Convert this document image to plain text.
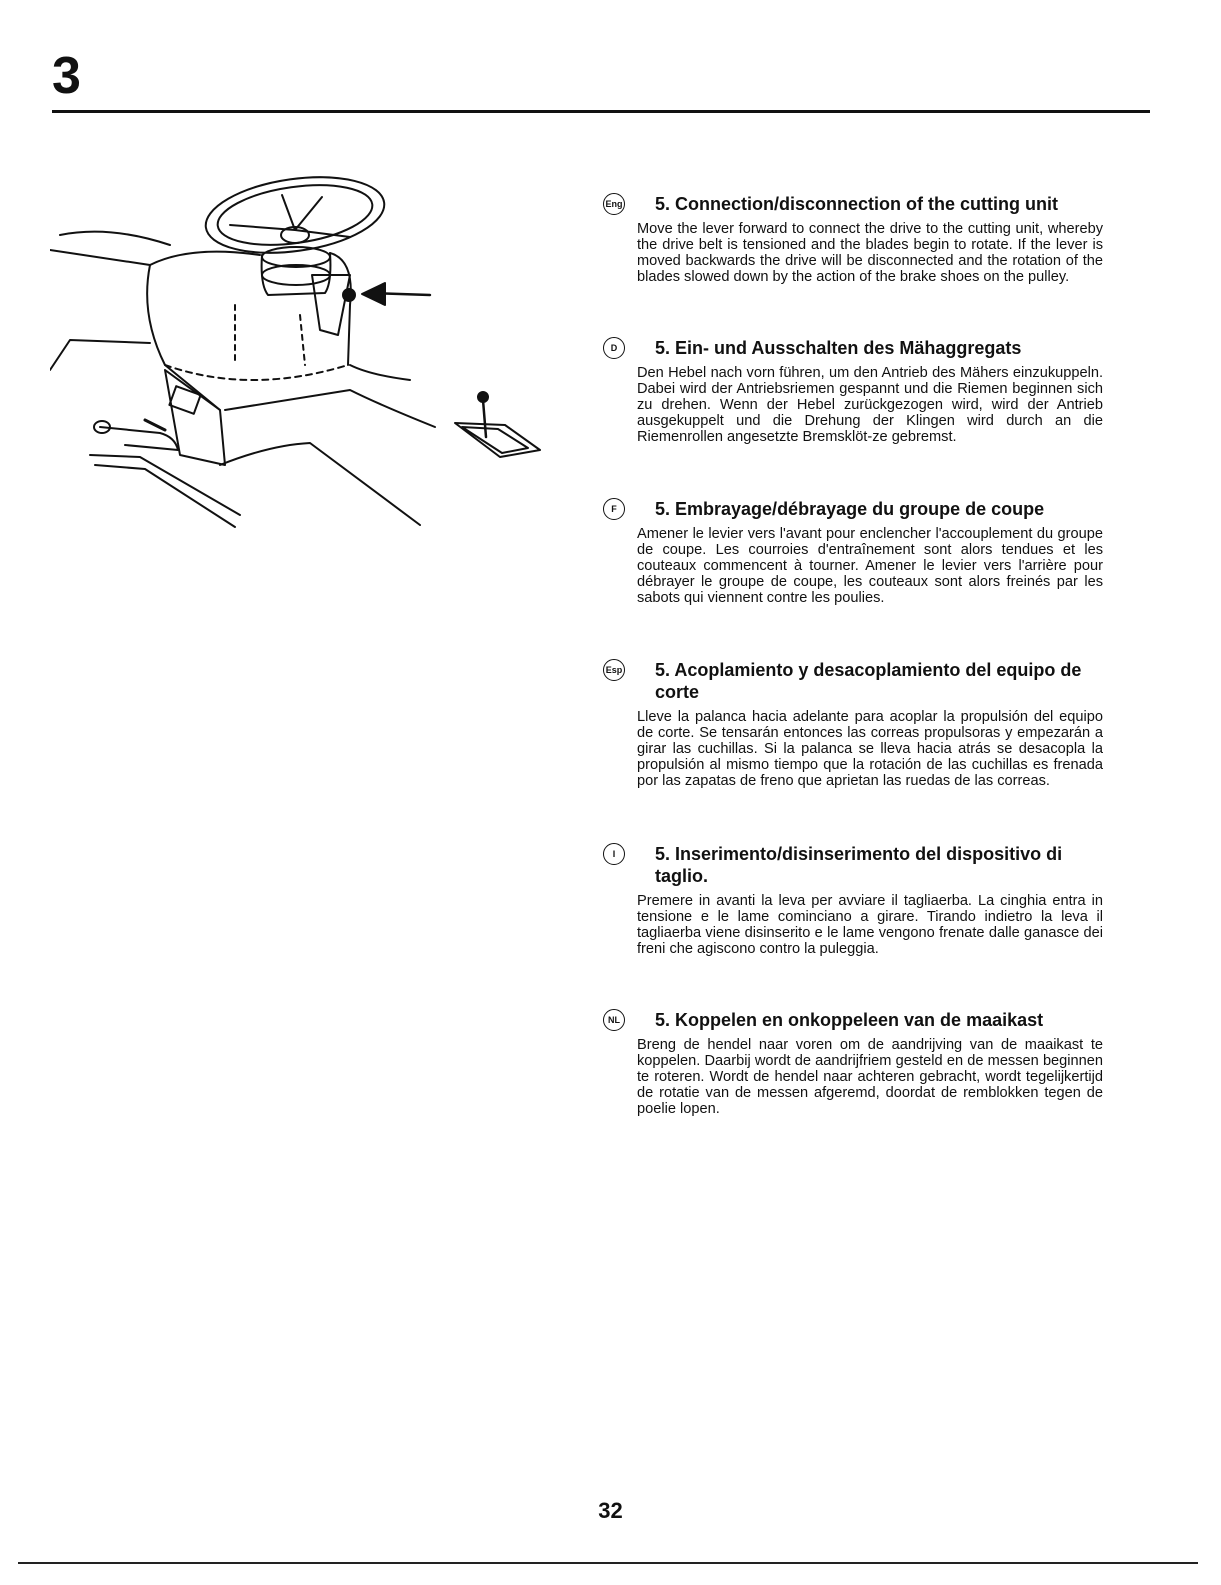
3
Eng 5. Connection/disconnection of the cutting unit

Move the lever forward to connect the drive to the cutting unit, whereby the drive belt is tensioned and the blades begin to rotate. If the lever is moved backwards the drive will be disconnected and the rotation of the blades slowed down by the action of the brake shoes on the pulley.

D	5. Ein- und Ausschalten des Mähaggregats

Den Hebel nach vorn führen, um den Antrieb des Mähers einzukuppeln. Dabei wird der Antriebsriemen gespannt und die Riemen beginnen sich zu drehen. Wenn der Hebel zurückgezogen wird, wird der Antrieb ausgekuppelt und die Drehung der Klingen wird durch an die Riemenrollen angesetzte Bremsklöt-ze gebremst.

F	5. Embrayage/débrayage du groupe de coupe

Amener le levier vers l'avant pour enclencher l'accouplement du groupe de coupe. Les courroies d'entraînement sont alors tendues et les couteaux commencent à tourner. Amener le levier vers l'arrière pour débrayer le groupe de coupe, les couteaux sont alors freinés par les sabots qui viennent contre les poulies.

Esp 5. Acoplamiento y desacoplamiento del equipo de corte

Lleve la palanca hacia adelante para acoplar la propulsión del equipo de corte. Se tensarán entonces las correas propulsoras y empezarán a girar las cuchillas. Si la palanca se lleva hacia atrás se desacopla la propulsión al mismo tiempo que la rotación de las cuchillas es frenada por las zapatas de freno que aprietan las ruedas de las correas.

I	5. Inserimento/disinserimento del dispositivo di taglio.

Premere in avanti la leva per avviare il tagliaerba. La cinghia entra in tensione e le lame cominciano a girare. Tirando indietro la leva il tagliaerba viene disinserito e le lame vengono frenate dalle ganasce dei freni che agiscono contro la puleggia.

NL 5. Koppelen en onkoppeleen van de maaikast

Breng de hendel naar voren om de aandrijving van de maaikast te koppelen. Daarbij wordt de aandrijfriem gesteld en de messen beginnen te roteren. Wordt de hendel naar achteren gebracht, wordt tegelijkertijd de rotatie van de messen afgeremd, doordat de remblokken tegen de poelie lopen.

32
